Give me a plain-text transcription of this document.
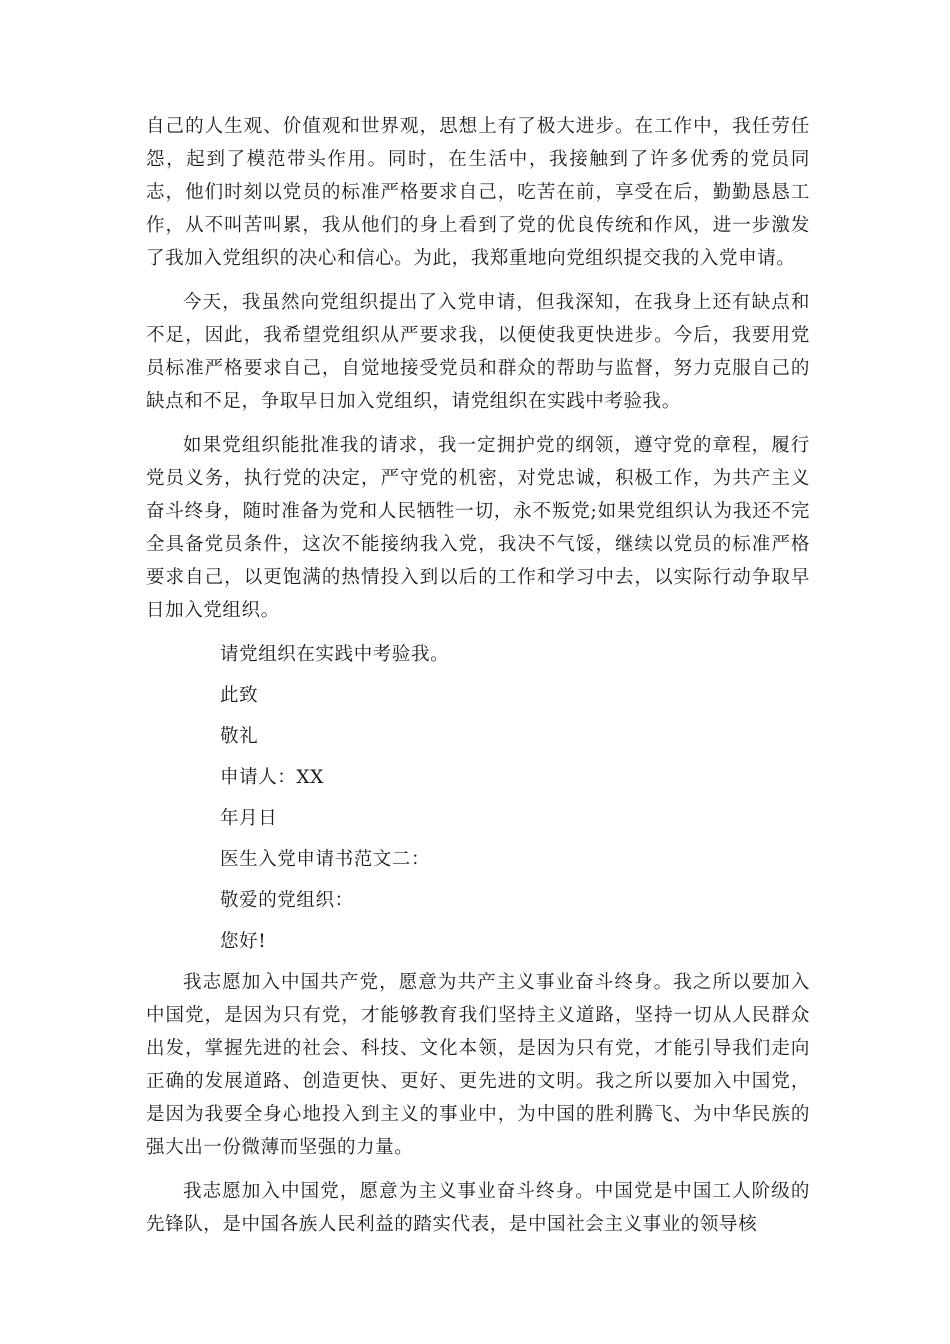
自己的人生观、价值观和世界观，思想上有了极大进步。在工作中，我任劳任怨，起到了模范带头作用。同时，在生活中，我接触到了许多优秀的党员同志，他们时刻以党员的标准严格要求自己，吃苦在前，享受在后，勤勤恳恳工作，从不叫苦叫累，我从他们的身上看到了党的优良传统和作风，进一步激发了我加入党组织的决心和信心。为此，我郑重地向党组织提交我的入党申请。

今天，我虽然向党组织提出了入党申请，但我深知，在我身上还有缺点和不足，因此，我希望党组织从严要求我，以便使我更快进步。今后，我要用党员标准严格要求自己，自觉地接受党员和群众的帮助与监督，努力克服自己的缺点和不足，争取早日加入党组织，请党组织在实践中考验我。

如果党组织能批准我的请求，我一定拥护党的纲领，遵守党的章程，履行党员义务，执行党的决定，严守党的机密，对党忠诚，积极工作，为共产主义奋斗终身，随时准备为党和人民牺牲一切，永不叛党;如果党组织认为我还不完全具备党员条件，这次不能接纳我入党，我决不气馁，继续以党员的标准严格要求自己，以更饱满的热情投入到以后的工作和学习中去，以实际行动争取早日加入党组织。

请党组织在实践中考验我。
此致
敬礼
申请人：XX
年月日
医生入党申请书范文二：
敬爱的党组织：
您好!

我志愿加入中国共产党，愿意为共产主义事业奋斗终身。我之所以要加入中国党，是因为只有党，才能够教育我们坚持主义道路，坚持一切从人民群众出发，掌握先进的社会、科技、文化本领，是因为只有党，才能引导我们走向正确的发展道路、创造更快、更好、更先进的文明。我之所以要加入中国党，是因为我要全身心地投入到主义的事业中，为中国的胜利腾飞、为中华民族的强大出一份微薄而坚强的力量。

我志愿加入中国党，愿意为主义事业奋斗终身。中国党是中国工人阶级的先锋队，是中国各族人民利益的踏实代表，是中国社会主义事业的领导核
